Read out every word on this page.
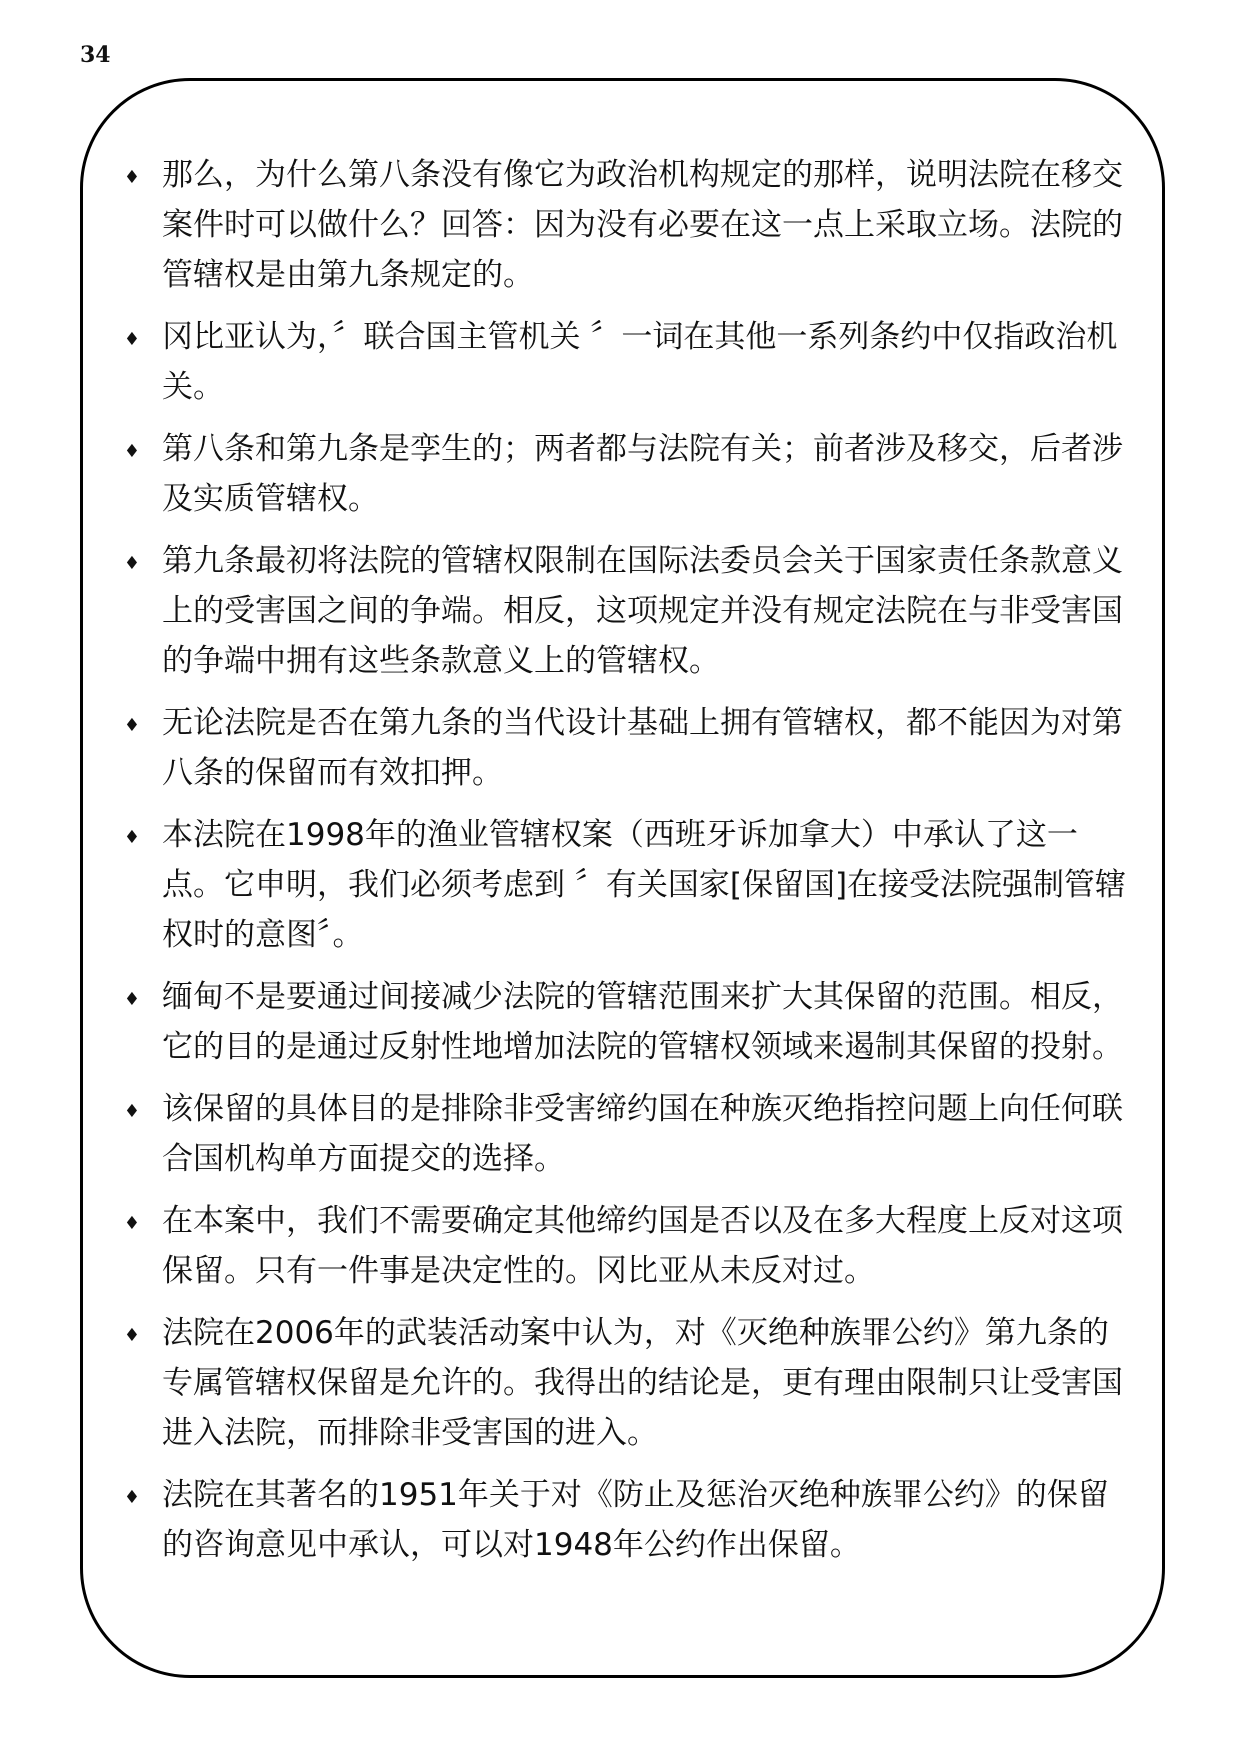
34
♦ 那么，为什么第八条没有像它为政治机构规定的那样，说明法院在移交案件时可以做什么？回答：因为没有必要在这一点上采取立场。法院的管辖权是由第九条规定的。
♦ 冈比亚认为，〞联合国主管机关 〞一词在其他一系列条约中仅指政治机关。
♦ 第八条和第九条是孪生的；两者都与法院有关；前者涉及移交，后者涉及实质管辖权。
♦ 第九条最初将法院的管辖权限制在国际法委员会关于国家责任条款意义上的受害国之间的争端。相反，这项规定并没有规定法院在与非受害国的争端中拥有这些条款意义上的管辖权。
♦ 无论法院是否在第九条的当代设计基础上拥有管辖权，都不能因为对第八条的保留而有效扣押。
♦ 本法院在1998年的渔业管辖权案（西班牙诉加拿大）中承认了这一点。它申明，我们必须考虑到 〞有关国家[保留国]在接受法院强制管辖权时的意图〞。
♦ 缅甸不是要通过间接减少法院的管辖范围来扩大其保留的范围。相反，它的目的是通过反射性地增加法院的管辖权领域来遏制其保留的投射。
♦ 该保留的具体目的是排除非受害缔约国在种族灭绝指控问题上向任何联合国机构单方面提交的选择。
♦ 在本案中，我们不需要确定其他缔约国是否以及在多大程度上反对这项保留。只有一件事是决定性的。冈比亚从未反对过。
♦ 法院在2006年的武装活动案中认为，对《灭绝种族罪公约》第九条的专属管辖权保留是允许的。我得出的结论是，更有理由限制只让受害国进入法院，而排除非受害国的进入。
♦ 法院在其著名的1951年关于对《防止及惩治灭绝种族罪公约》的保留的咨询意见中承认，可以对1948年公约作出保留。
